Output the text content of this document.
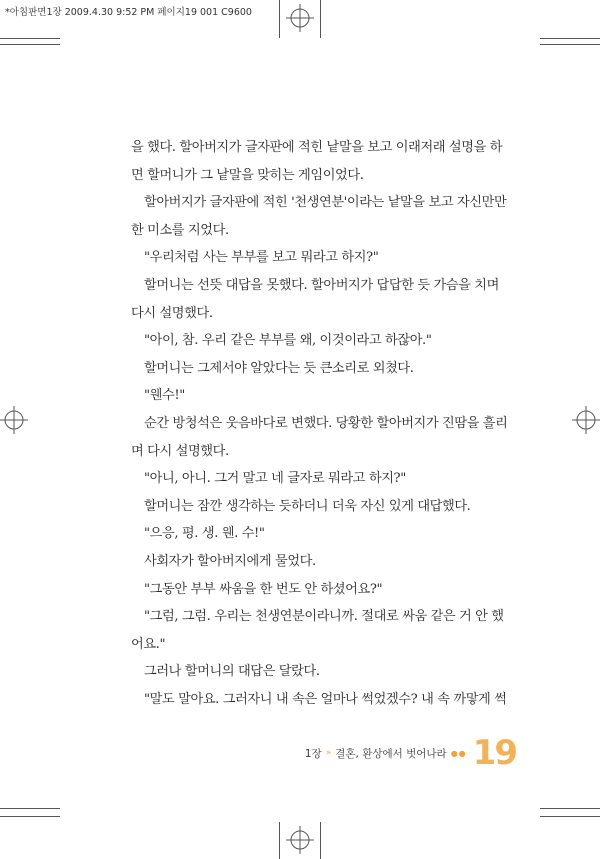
*아침판면1장 2009.4.30 9:52 PM 페이지19 001 C9600
을 했다. 할아버지가 글자판에 적힌 낱말을 보고 이래저래 설명을 하
면 할머니가 그 낱말을 맞히는 게임이었다.
할아버지가 글자판에 적힌 '천생연분'이라는 낱말을 보고 자신만만
한 미소를 지었다.
"우리처럼 사는 부부를 보고 뭐라고 하지?"
할머니는 선뜻 대답을 못했다. 할아버지가 답답한 듯 가슴을 치며
다시 설명했다.
"아이, 참. 우리 같은 부부를 왜, 이것이라고 하잖아."
할머니는 그제서야 알았다는 듯 큰소리로 외쳤다.
"웬수!"
순간 방청석은 웃음바다로 변했다. 당황한 할아버지가 진땀을 흘리
며 다시 설명했다.
"아니, 아니. 그거 말고 네 글자로 뭐라고 하지?"
할머니는 잠깐 생각하는 듯하더니 더욱 자신 있게 대답했다.
"으응, 평. 생. 웬. 수!"
사회자가 할아버지에게 물었다.
"그동안 부부 싸움을 한 번도 안 하셨어요?"
"그럼, 그럼. 우리는 천생연분이라니까. 절대로 싸움 같은 거 안 했
어요."
그러나 할머니의 대답은 달랐다.
"말도 말아요. 그러자니 내 속은 얼마나 썩었겠수? 내 속 까맣게 썩
1장 » 결혼, 환상에서 벗어나라 ●● 19
